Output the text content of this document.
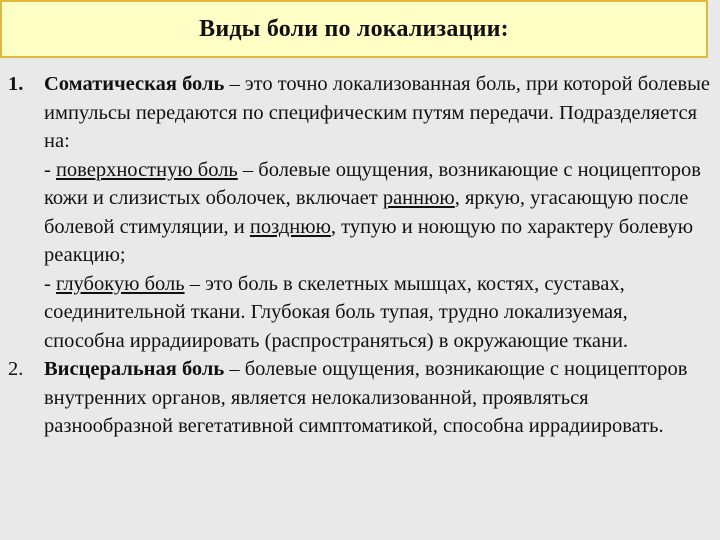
Виды боли по локализации:
1. Соматическая боль – это точно локализованная боль, при которой болевые импульсы передаются по специфическим путям передачи. Подразделяется на:
- поверхностную боль – болевые ощущения, возникающие с ноцицепторов кожи и слизистых оболочек, включает раннюю, яркую, угасающую после болевой стимуляции, и позднюю, тупую и ноющую по характеру болевую реакцию;
- глубокую боль – это боль в скелетных мышцах, костях, суставах, соединительной ткани. Глубокая боль тупая, трудно локализуемая, способна иррадиировать (распространяться) в окружающие ткани.
2. Висцеральная боль – болевые ощущения, возникающие с ноцицепторов внутренних органов, является нелокализованной, проявляться разнообразной вегетативной симптоматикой, способна иррадиировать.
